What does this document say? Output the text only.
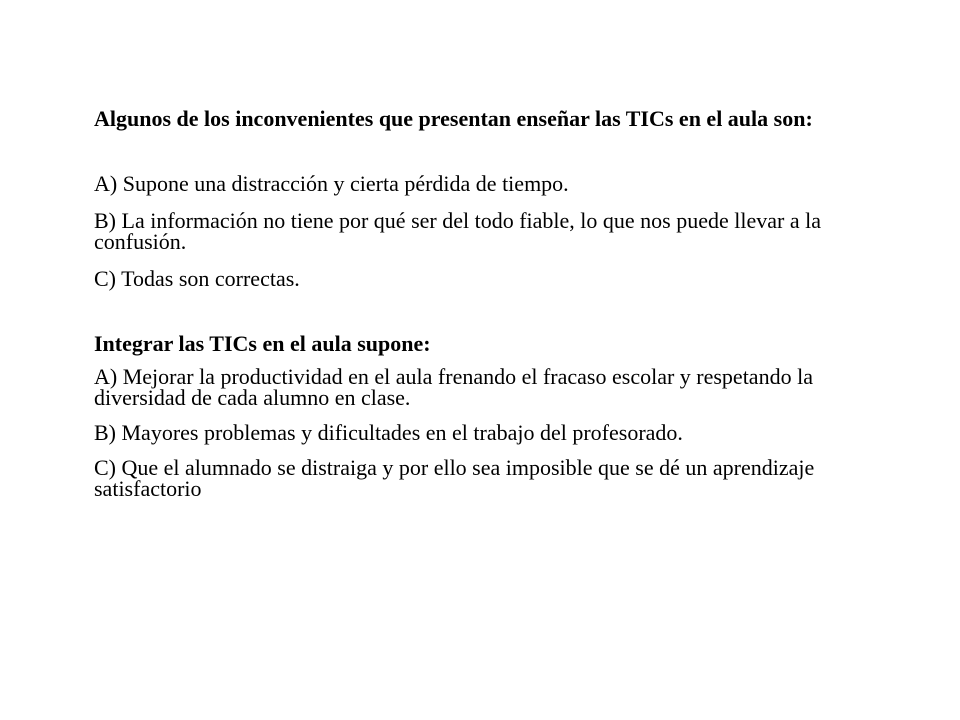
Algunos de los inconvenientes que presentan enseñar las TICs en el aula son:

A) Supone una distracción y cierta pérdida de tiempo.

B) La información no tiene por qué ser del todo fiable, lo que nos puede llevar a la confusión.

C) Todas son correctas.

Integrar las TICs en el aula supone:

A) Mejorar la productividad en el aula frenando el fracaso escolar y respetando la diversidad de cada alumno en clase.

B) Mayores problemas y dificultades en el trabajo del profesorado.

C) Que el alumnado se distraiga y por ello sea imposible que se dé un aprendizaje satisfactorio
